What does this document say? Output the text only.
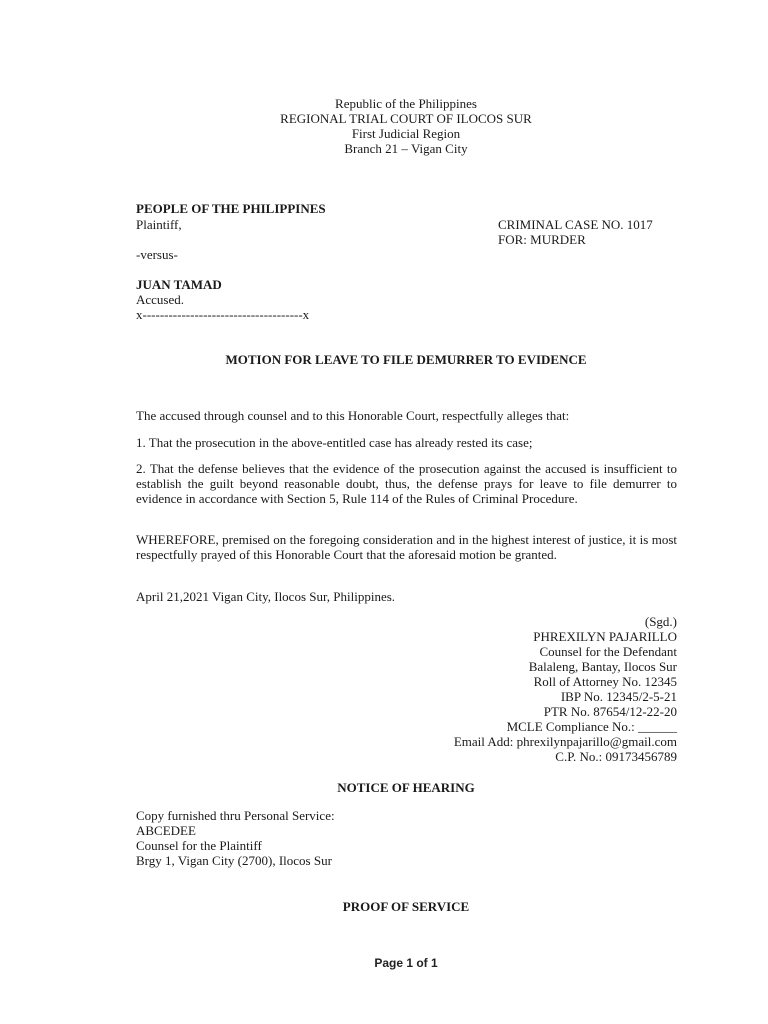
Republic of the Philippines
REGIONAL TRIAL COURT OF ILOCOS SUR
First Judicial Region
Branch 21 – Vigan City
PEOPLE OF THE PHILIPPINES
Plaintiff,	CRIMINAL CASE NO. 1017
FOR: MURDER
-versus-
JUAN TAMAD
Accused.
x-------------------------------------x
MOTION FOR LEAVE TO FILE DEMURRER TO EVIDENCE
The accused through counsel and to this Honorable Court, respectfully alleges that:
1. That the prosecution in the above-entitled case has already rested its case;
2. That the defense believes that the evidence of the prosecution against the accused is insufficient to establish the guilt beyond reasonable doubt, thus, the defense prays for leave to file demurrer to evidence in accordance with Section 5, Rule 114 of the Rules of Criminal Procedure.
WHEREFORE, premised on the foregoing consideration and in the highest interest of justice, it is most respectfully prayed of this Honorable Court that the aforesaid motion be granted.
April 21,2021 Vigan City, Ilocos Sur, Philippines.
(Sgd.)
PHREXILYN PAJARILLO
Counsel for the Defendant
Balaleng, Bantay, Ilocos Sur
Roll of Attorney No. 12345
IBP No. 12345/2-5-21
PTR No. 87654/12-22-20
MCLE Compliance No.: ______
Email Add: phrexilynpajarillo@gmail.com
C.P. No.: 09173456789
NOTICE OF HEARING
Copy furnished thru Personal Service:
ABCEDEE
Counsel for the Plaintiff
Brgy 1, Vigan City (2700), Ilocos Sur
PROOF OF SERVICE
Page 1 of 1
